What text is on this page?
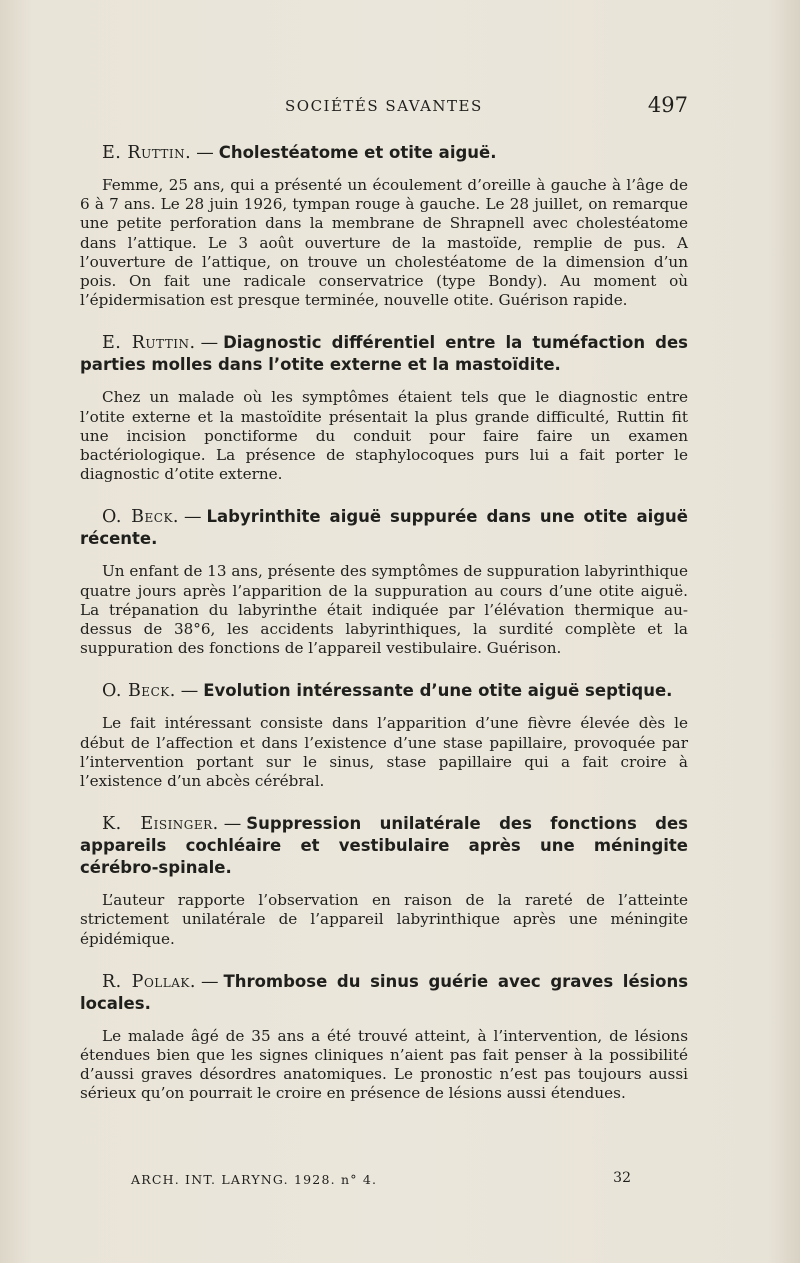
SOCIÉTÉS SAVANTES	497

E. Ruttin. — Cholestéatome et otite aiguë.

Femme, 25 ans, qui a présenté un écoulement d’oreille à gauche à l’âge de 6 à 7 ans. Le 28 juin 1926, tympan rouge à gauche. Le 28 juillet, on remarque une petite perforation dans la membrane de Shrapnell avec cholestéatome dans l’attique. Le 3 août ouverture de la mastoïde, remplie de pus. A l’ouverture de l’attique, on trouve un cholestéatome de la dimension d’un pois. On fait une radicale conservatrice (type Bondy). Au moment où l’épidermisation est presque terminée, nouvelle otite. Guérison rapide.

E. Ruttin. — Diagnostic différentiel entre la tuméfaction des parties molles dans l’otite externe et la mastoïdite.

Chez un malade où les symptômes étaient tels que le diagnostic entre l’otite externe et la mastoïdite présentait la plus grande difficulté, Ruttin fit une incision ponctiforme du conduit pour faire faire un examen bactériologique. La présence de staphylocoques purs lui a fait porter le diagnostic d’otite externe.

O. Beck. — Labyrinthite aiguë suppurée dans une otite aiguë récente.

Un enfant de 13 ans, présente des symptômes de suppuration labyrinthique quatre jours après l’apparition de la suppuration au cours d’une otite aiguë. La trépanation du labyrinthe était indiquée par l’élévation thermique au-dessus de 38°6, les accidents labyrinthiques, la surdité complète et la suppuration des fonctions de l’appareil vestibulaire. Guérison.

O. Beck. — Evolution intéressante d’une otite aiguë septique.

Le fait intéressant consiste dans l’apparition d’une fièvre élevée dès le début de l’affection et dans l’existence d’une stase papillaire, provoquée par l’intervention portant sur le sinus, stase papillaire qui a fait croire à l’existence d’un abcès cérébral.

K. Eisinger. — Suppression unilatérale des fonctions des appareils cochléaire et vestibulaire après une méningite cérébro-spinale.

L’auteur rapporte l’observation en raison de la rareté de l’atteinte strictement unilatérale de l’appareil labyrinthique après une méningite épidémique.

R. Pollak. — Thrombose du sinus guérie avec graves lésions locales.

Le malade âgé de 35 ans a été trouvé atteint, à l’intervention, de lésions étendues bien que les signes cliniques n’aient pas fait penser à la possibilité d’aussi graves désordres anatomiques. Le pronostic n’est pas toujours aussi sérieux qu’on pourrait le croire en présence de lésions aussi étendues.

ARCH. INT. LARYNG. 1928. n° 4.	32
